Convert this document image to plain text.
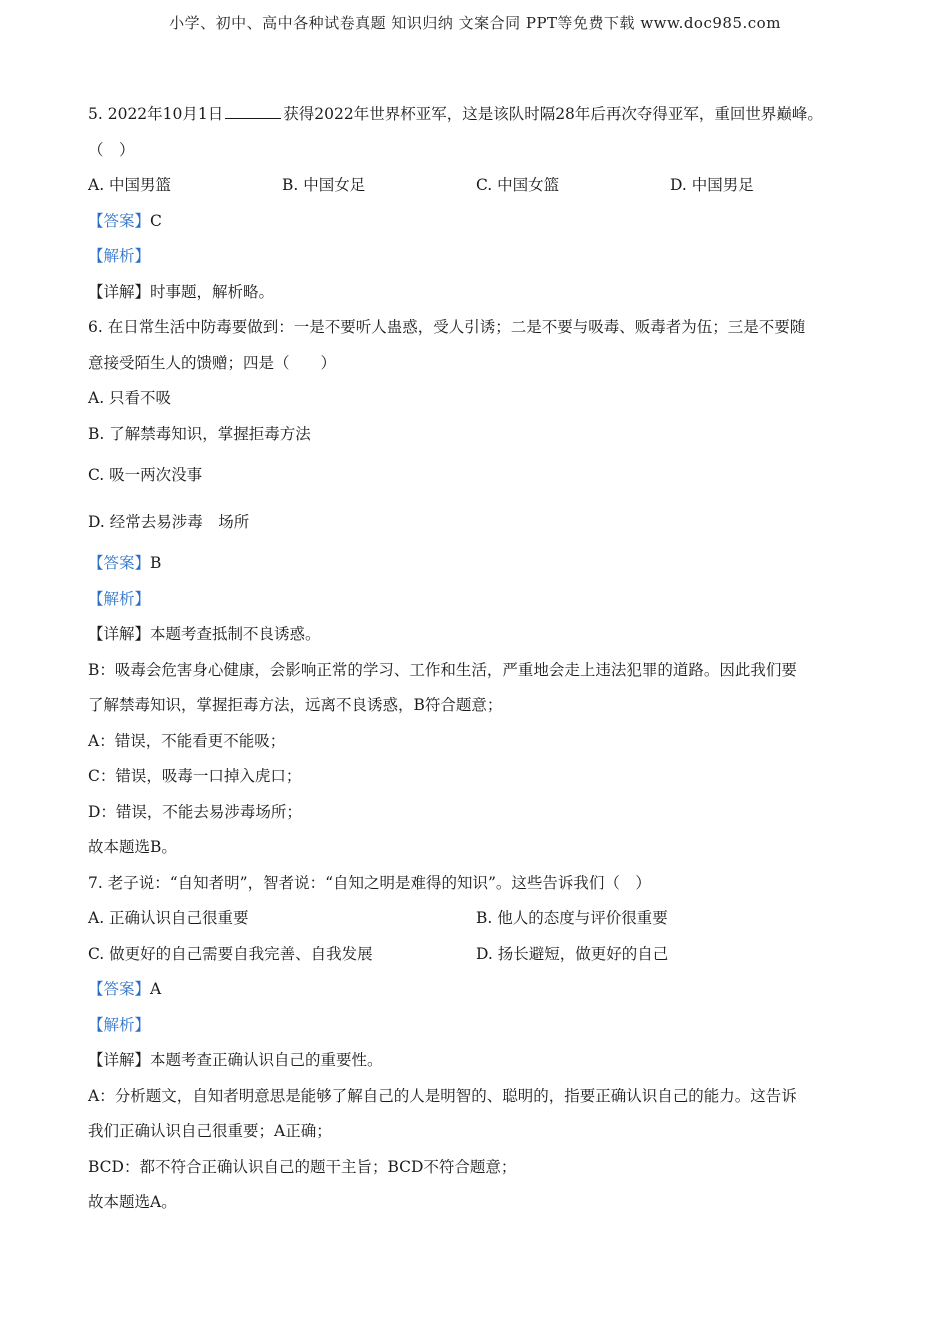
小学、初中、高中各种试卷真题 知识归纳 文案合同 PPT等免费下载 www.doc985.com
5. 2022年10月1日	获得2022年世界杯亚军，这是该队时隔28年后再次夺得亚军，重回世界巅峰。
（　）
A. 中国男篮	B. 中国女足	C. 中国女篮	D. 中国男足
【答案】C
【解析】
【详解】时事题，解析略。
6. 在日常生活中防毒要做到：一是不要听人蛊惑，受人引诱；二是不要与吸毒、贩毒者为伍；三是不要随
意接受陌生人的馈赠；四是（　　）
A. 只看不吸
B. 了解禁毒知识，掌握拒毒方法
C. 吸一两次没事
D. 经常去易涉毒　场所
【答案】B
【解析】
【详解】本题考查抵制不良诱惑。
B：吸毒会危害身心健康，会影响正常的学习、工作和生活，严重地会走上违法犯罪的道路。因此我们要
了解禁毒知识，掌握拒毒方法，远离不良诱惑，B符合题意；
A：错误，不能看更不能吸；
C：错误，吸毒一口掉入虎口；
D：错误，不能去易涉毒场所；
故本题选B。
7. 老子说：“自知者明”，智者说：“自知之明是难得的知识”。这些告诉我们（　）
A. 正确认识自己很重要	B. 他人的态度与评价很重要
C. 做更好的自己需要自我完善、自我发展	D. 扬长避短，做更好的自己
【答案】A
【解析】
【详解】本题考查正确认识自己的重要性。
A：分析题文，自知者明意思是能够了解自己的人是明智的、聪明的，指要正确认识自己的能力。这告诉
我们正确认识自己很重要；A正确；
BCD：都不符合正确认识自己的题干主旨；BCD不符合题意；
故本题选A。
